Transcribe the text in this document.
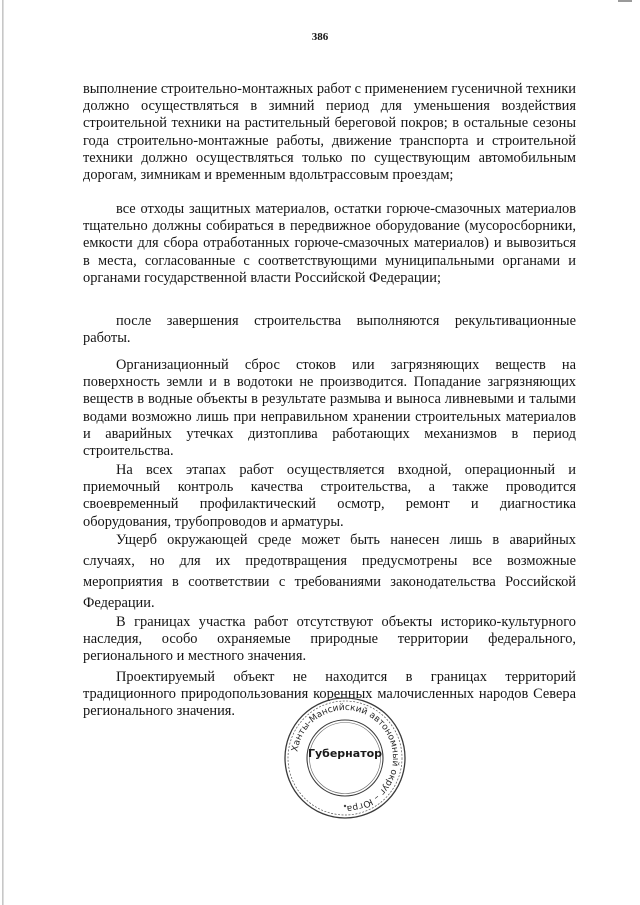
386

выполнение строительно-монтажных работ с применением гусеничной техники должно осуществляться в зимний период для уменьшения воздействия строительной техники на растительный береговой покров; в остальные сезоны года строительно-монтажные работы, движение транспорта и строительной техники должно осуществляться только по существующим автомобильным дорогам, зимникам и временным вдольтрассовым проездам;

все отходы защитных материалов, остатки горюче-смазочных материалов тщательно должны собираться в передвижное оборудование (мусоросборники, емкости для сбора отработанных горюче-смазочных материалов) и вывозиться в места, согласованные с соответствующими муниципальными органами и органами государственной власти Российской Федерации;

после завершения строительства выполняются рекультивационные работы.

Организационный сброс стоков или загрязняющих веществ на поверхность земли и в водотоки не производится. Попадание загрязняющих веществ в водные объекты в результате размыва и выноса ливневыми и талыми водами возможно лишь при неправильном хранении строительных материалов и аварийных утечках дизтоплива работающих механизмов в период строительства.

На всех этапах работ осуществляется входной, операционный и приемочный контроль качества строительства, а также проводится своевременный профилактический осмотр, ремонт и диагностика оборудования, трубопроводов и арматуры.

Ущерб окружающей среде может быть нанесен лишь в аварийных случаях, но для их предотвращения предусмотрены все возможные мероприятия в соответствии с требованиями законодательства Российской Федерации.

В границах участка работ отсутствуют объекты историко-культурного наследия, особо охраняемые природные территории федерального, регионального и местного значения.

Проектируемый объект не находится в границах территорий традиционного природопользования коренных малочисленных народов Севера регионального значения.

Ханты-Мансийский автономный округ – Югра
Губернатор
